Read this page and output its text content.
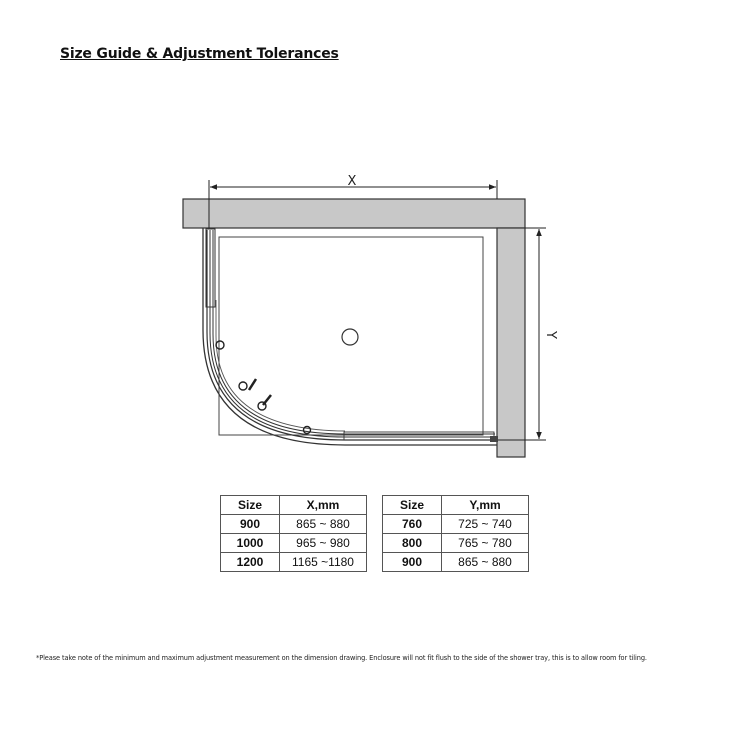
Size Guide & Adjustment Tolerances
X
Y
Size	X,mm
900	865 ~ 880
1000	965 ~ 980
1200	1165 ~1180
Size	Y,mm
760	725 ~ 740
800	765 ~ 780
900	865 ~ 880
*Please take note of the minimum and maximum adjustment measurement on the dimension drawing. Enclosure will not fit flush to the side of the shower tray, this is to allow room for tiling.
